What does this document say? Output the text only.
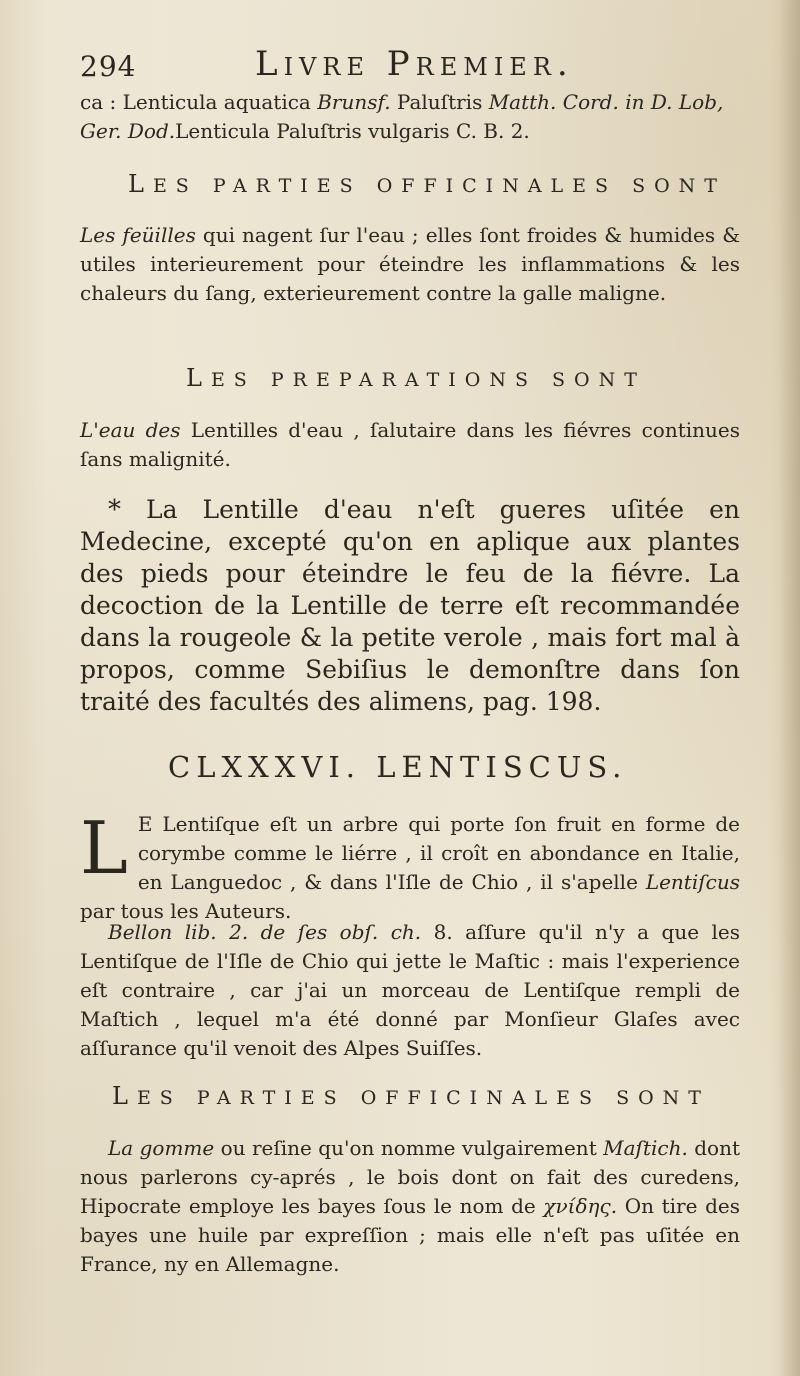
294	Livre Premier.

ca : Lenticula aquatica Brunsf. Paluſtris Matth. Cord. in D. Lob,

Ger. Dod.Lenticula Paluſtris vulgaris C. B. 2.

LES PARTIES OFFICINALES SONT

Les feüilles qui nagent ſur l'eau ; elles ſont froides & humides & utiles interieurement pour éteindre les inflammations & les chaleurs du ſang, exterieurement contre la galle maligne.

LES PREPARATIONS SONT

L'eau des Lentilles d'eau , ſalutaire dans les fiévres continues ſans malignité.

* La Lentille d'eau n'eſt gueres uſitée en Medecine, excepté qu'on en aplique aux plantes des pieds pour éteindre le feu de la fiévre. La decoction de la Lentille de terre eſt recommandée dans la rougeole & la petite verole , mais fort mal à propos, comme Sebiſius le demonſtre dans ſon traité des facultés des alimens, pag. 198.

CLXXXVI. LENTISCUS.

L E Lentiſque eſt un arbre qui porte ſon fruit en forme de corymbe comme le liérre , il croît en abondance en Italie, en Languedoc , & dans l'Iſle de Chio , il s'apelle Lentiſcus par tous les Auteurs.

Bellon lib. 2. de ſes obſ. ch. 8. aſſure qu'il n'y a que les Lentiſque de l'Iſle de Chio qui jette le Maſtic : mais l'experience eſt contraire , car j'ai un morceau de Lentiſque rempli de Maſtich , lequel m'a été donné par Monſieur Glaſes avec aſſurance qu'il venoit des Alpes Suiſſes.

LES PARTIES OFFICINALES SONT

La gomme ou reſine qu'on nomme vulgairement Maſtich. dont nous parlerons cy-aprés , le bois dont on fait des curedens, Hipocrate employe les bayes ſous le nom de χνίδης. On tire des bayes une huile par expreſſion ; mais elle n'eſt pas uſitée en France, ny en Allemagne.
